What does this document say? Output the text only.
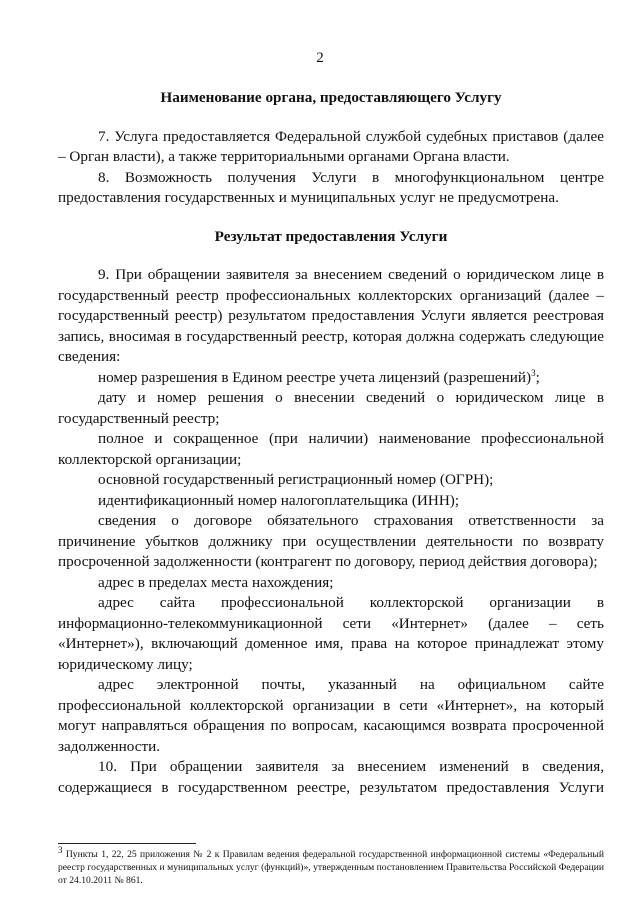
2
Наименование органа, предоставляющего Услугу

7. Услуга предоставляется Федеральной службой судебных приставов (далее – Орган власти), а также территориальными органами Органа власти.

8. Возможность получения Услуги в многофункциональном центре предоставления государственных и муниципальных услуг не предусмотрена.

Результат предоставления Услуги

9. При обращении заявителя за внесением сведений о юридическом лице в государственный реестр профессиональных коллекторских организаций (далее – государственный реестр) результатом предоставления Услуги является реестровая запись, вносимая в государственный реестр, которая должна содержать следующие сведения:

номер разрешения в Едином реестре учета лицензий (разрешений)$^3$;

дату и номер решения о внесении сведений о юридическом лице в государственный реестр;

полное и сокращенное (при наличии) наименование профессиональной коллекторской организации;

основной государственный регистрационный номер (ОГРН);

идентификационный номер налогоплательщика (ИНН);

сведения о договоре обязательного страхования ответственности за причинение убытков должнику при осуществлении деятельности по возврату просроченной задолженности (контрагент по договору, период действия договора);

адрес в пределах места нахождения;

адрес сайта профессиональной коллекторской организации в информационно-телекоммуникационной сети «Интернет» (далее – сеть «Интернет»), включающий доменное имя, права на которое принадлежат этому юридическому лицу;

адрес электронной почты, указанный на официальном сайте профессиональной коллекторской организации в сети «Интернет», на который могут направляться обращения по вопросам, касающимся возврата просроченной задолженности.

10. При обращении заявителя за внесением изменений в сведения, содержащиеся в государственном реестре, результатом предоставления Услуги

$^3$ Пункты 1, 22, 25 приложения № 2 к Правилам ведения федеральной государственной информационной системы «Федеральный реестр государственных и муниципальных услуг (функций)», утвержденным постановлением Правительства Российской Федерации от 24.10.2011 № 861.
